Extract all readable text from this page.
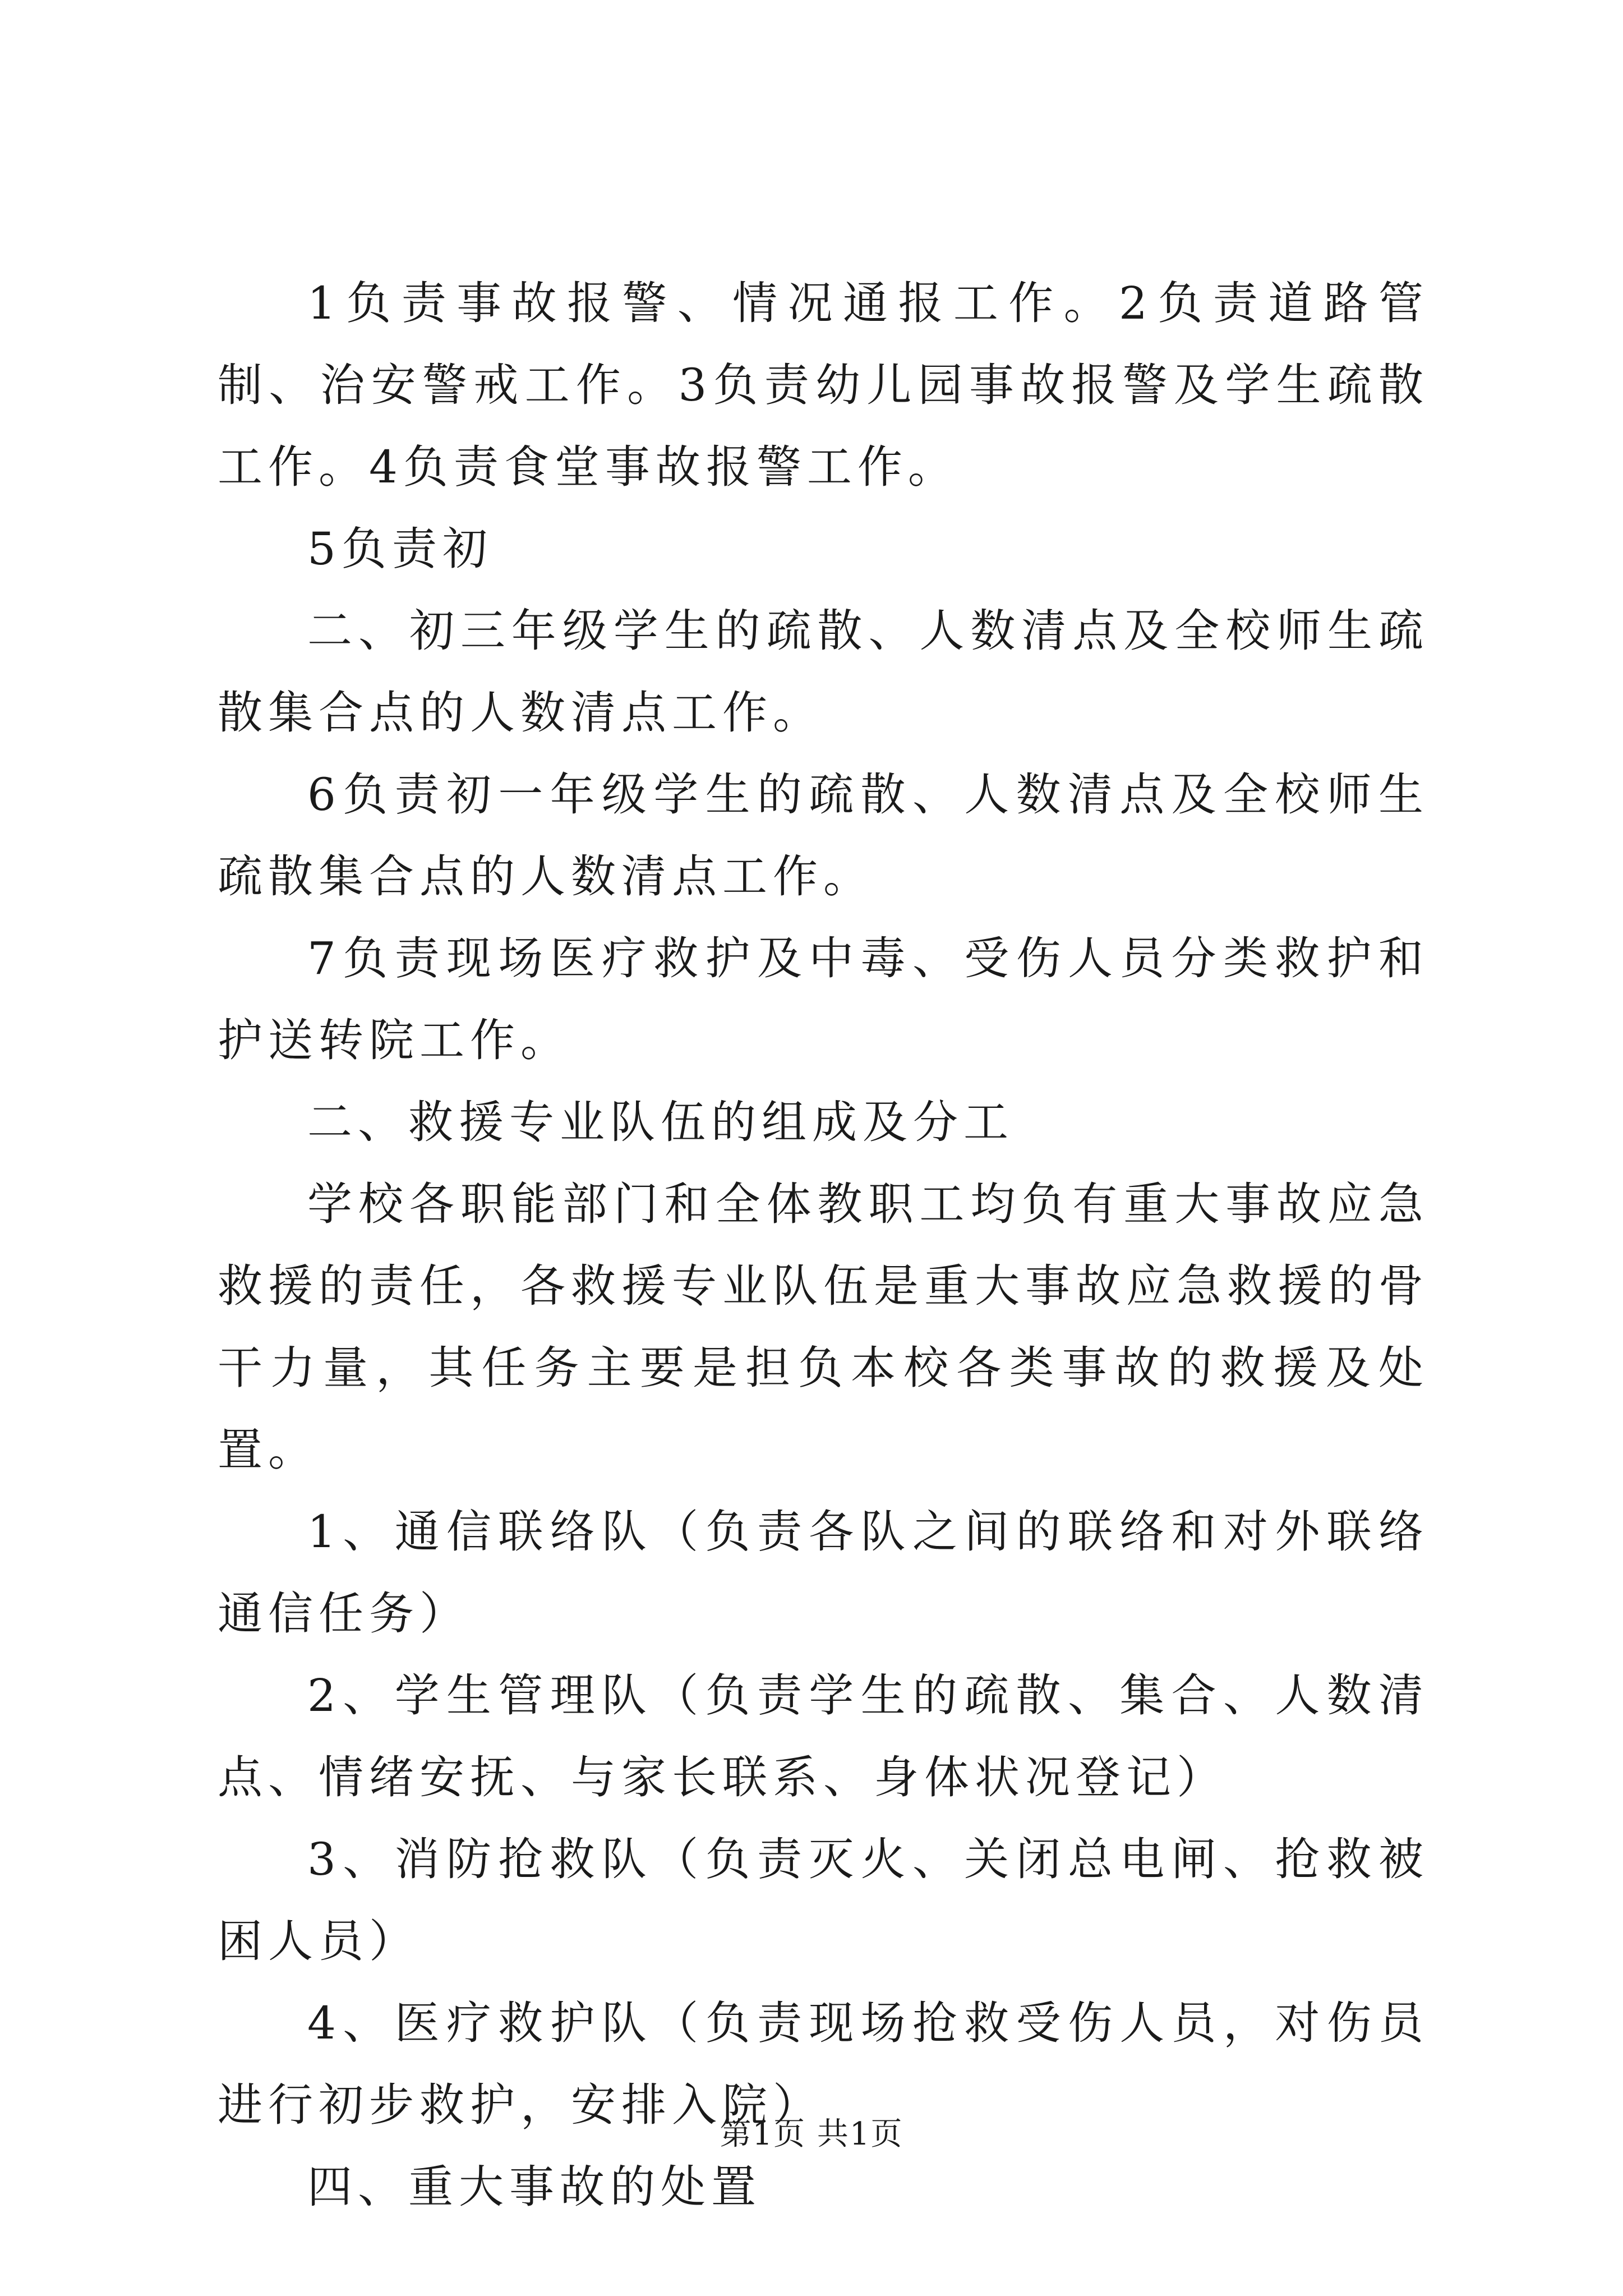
1负责事故报警、情况通报工作。2负责道路管制、治安警戒工作。3负责幼儿园事故报警及学生疏散工作。4负责食堂事故报警工作。

5负责初

二、初三年级学生的疏散、人数清点及全校师生疏散集合点的人数清点工作。

6负责初一年级学生的疏散、人数清点及全校师生疏散集合点的人数清点工作。

7负责现场医疗救护及中毒、受伤人员分类救护和护送转院工作。

二、救援专业队伍的组成及分工

学校各职能部门和全体教职工均负有重大事故应急救援的责任，各救援专业队伍是重大事故应急救援的骨干力量，其任务主要是担负本校各类事故的救援及处置。

1、通信联络队（负责各队之间的联络和对外联络通信任务）

2、学生管理队（负责学生的疏散、集合、人数清点、情绪安抚、与家长联系、身体状况登记）

3、消防抢救队（负责灭火、关闭总电闸、抢救被困人员）

4、医疗救护队（负责现场抢救受伤人员，对伤员进行初步救护，安排入院）

四、重大事故的处置

第1页 共1页
